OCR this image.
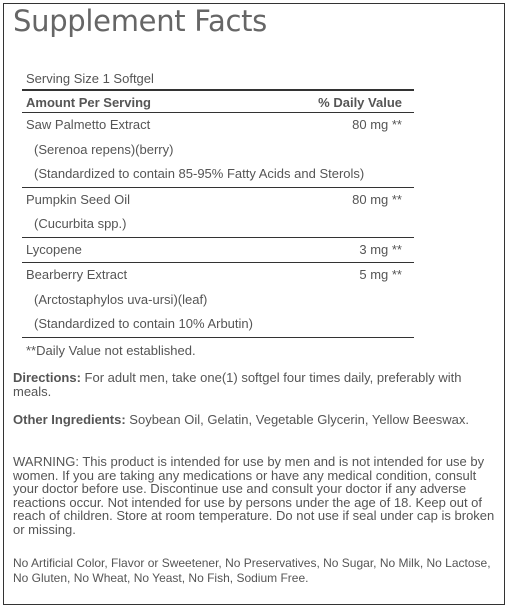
Supplement Facts
Serving Size 1 Softgel
Amount Per Serving	% Daily Value
Saw Palmetto Extract	80 mg **
(Serenoa repens)(berry)
(Standardized to contain 85-95% Fatty Acids and Sterols)
Pumpkin Seed Oil	80 mg **
(Cucurbita spp.)
Lycopene	3 mg **
Bearberry Extract	5 mg **
(Arctostaphylos uva-ursi)(leaf)
(Standardized to contain 10% Arbutin)
**Daily Value not established.
Directions: For adult men, take one(1) softgel four times daily, preferably with meals.
Other Ingredients: Soybean Oil, Gelatin, Vegetable Glycerin, Yellow Beeswax.
WARNING: This product is intended for use by men and is not intended for use by women. If you are taking any medications or have any medical condition, consult your doctor before use. Discontinue use and consult your doctor if any adverse reactions occur. Not intended for use by persons under the age of 18. Keep out of reach of children. Store at room temperature. Do not use if seal under cap is broken or missing.
No Artificial Color, Flavor or Sweetener, No Preservatives, No Sugar, No Milk, No Lactose, No Gluten, No Wheat, No Yeast, No Fish, Sodium Free.
